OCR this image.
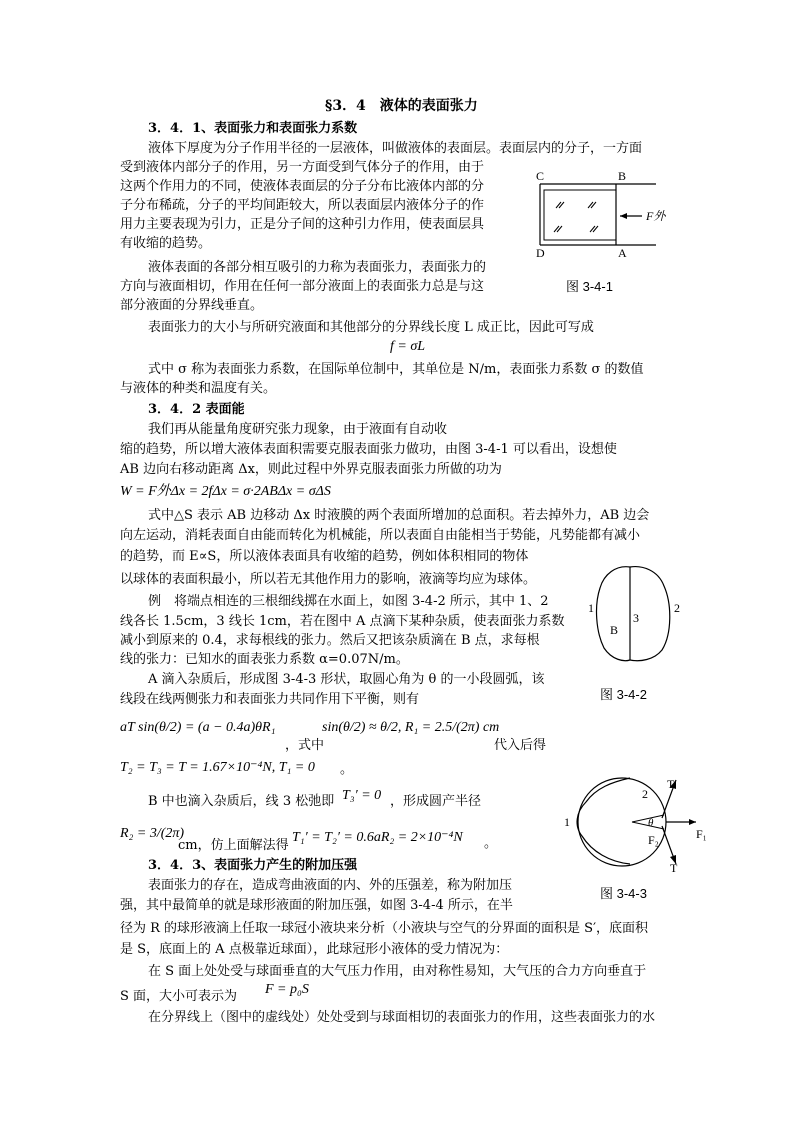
§3．4　液体的表面张力
3．4．1、表面张力和表面张力系数
液体下厚度为分子作用半径的一层液体，叫做液体的表面层。表面层内的分子，一方面
受到液体内部分子的作用，另一方面受到气体分子的作用，由于
这两个作用力的不同，使液体表面层的分子分布比液体内部的分
子分布稀疏，分子的平均间距较大，所以表面层内液体分子的作
用力主要表现为引力，正是分子间的这种引力作用，使表面层具
有收缩的趋势。
液体表面的各部分相互吸引的力称为表面张力，表面张力的
方向与液面相切，作用在任何一部分液面上的表面张力总是与这
部分液面的分界线垂直。
表面张力的大小与所研究液面和其他部分的分界线长度 L 成正比，因此可写成
f = σL
式中 σ 称为表面张力系数，在国际单位制中，其单位是 N/m，表面张力系数 σ 的数值
与液体的种类和温度有关。
3．4．2 表面能
我们再从能量角度研究张力现象，由于液面有自动收
缩的趋势，所以增大液体表面积需要克服表面张力做功，由图 3-4-1 可以看出，设想使
AB 边向右移动距离 Δx，则此过程中外界克服表面张力所做的功为
W = F外Δx = 2fΔx = σ·2ABΔx = σΔS
式中△S 表示 AB 边移动 Δx 时液膜的两个表面所增加的总面积。若去掉外力，AB 边会
向左运动，消耗表面自由能而转化为机械能，所以表面自由能相当于势能，凡势能都有减小
的趋势，而 E∝S，所以液体表面具有收缩的趋势，例如体积相同的物体
以球体的表面积最小，所以若无其他作用力的影响，液滴等均应为球体。
例　将端点相连的三根细线掷在水面上，如图 3-4-2 所示，其中 1、2
线各长 1.5cm，3 线长 1cm，若在图中 A 点滴下某种杂质，使表面张力系数
减小到原来的 0.4，求每根线的张力。然后又把该杂质滴在 B 点，求每根
线的张力：已知水的面表张力系数 α=0.07N/m。
A 滴入杂质后，形成图 3-4-3 形状，取圆心角为 θ 的一小段圆弧，该
线段在线两侧张力和表面张力共同作用下平衡，则有
aT sin(θ/2) = (a − 0.4a)θR₁
，式中
sin(θ/2) ≈ θ/2, R₁ = 2.5/(2π) cm
代入后得
T₂ = T₃ = T = 1.67×10⁻⁴N, T₁ = 0 。
B 中也滴入杂质后，线 3 松弛即 T₃′ = 0 ，形成圆产半径
R₂ = 3/(2π)
cm，仿上面解法得
T₁′ = T₂′ = 0.6aR₂ = 2×10⁻⁴N 。
3．4．3、表面张力产生的附加压强
表面张力的存在，造成弯曲液面的内、外的压强差，称为附加压
强，其中最简单的就是球形液面的附加压强，如图 3-4-4 所示，在半
径为 R 的球形液滴上任取一球冠小液块来分析（小液块与空气的分界面的面积是 S′，底面积
是 S，底面上的 A 点极靠近球面），此球冠形小液体的受力情况为：
在 S 面上处处受与球面垂直的大气压力作用，由对称性易知，大气压的合力方向垂直于
S 面，大小可表示为 F = p₀S
在分界线上（图中的虚线处）处处受到与球面相切的表面张力的作用，这些表面张力的水
C	B
D	A
F外
图 3-4-1
1	2
3
B
图 3-4-2
1
2
T
T
F₁
F₂
θ
图 3-4-3
